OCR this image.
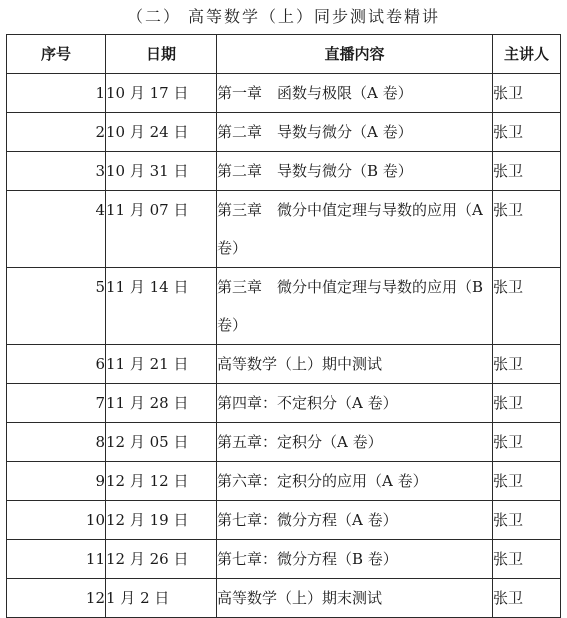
（二） 高等数学（上）同步测试卷精讲
序号	日期	直播内容	主讲人
1	10 月 17 日	第一章　函数与极限（A 卷）	张卫
2	10 月 24 日	第二章　导数与微分（A 卷）	张卫
3	10 月 31 日	第二章　导数与微分（B 卷）	张卫
4	11 月 07 日	第三章　微分中值定理与导数的应用（A 卷）	张卫
5	11 月 14 日	第三章　微分中值定理与导数的应用（B 卷）	张卫
6	11 月 21 日	高等数学（上）期中测试	张卫
7	11 月 28 日	第四章：不定积分（A 卷）	张卫
8	12 月 05 日	第五章：定积分（A 卷）	张卫
9	12 月 12 日	第六章：定积分的应用（A 卷）	张卫
10	12 月 19 日	第七章：微分方程（A 卷）	张卫
11	12 月 26 日	第七章：微分方程（B 卷）	张卫
12	1 月 2 日	高等数学（上）期末测试	张卫
